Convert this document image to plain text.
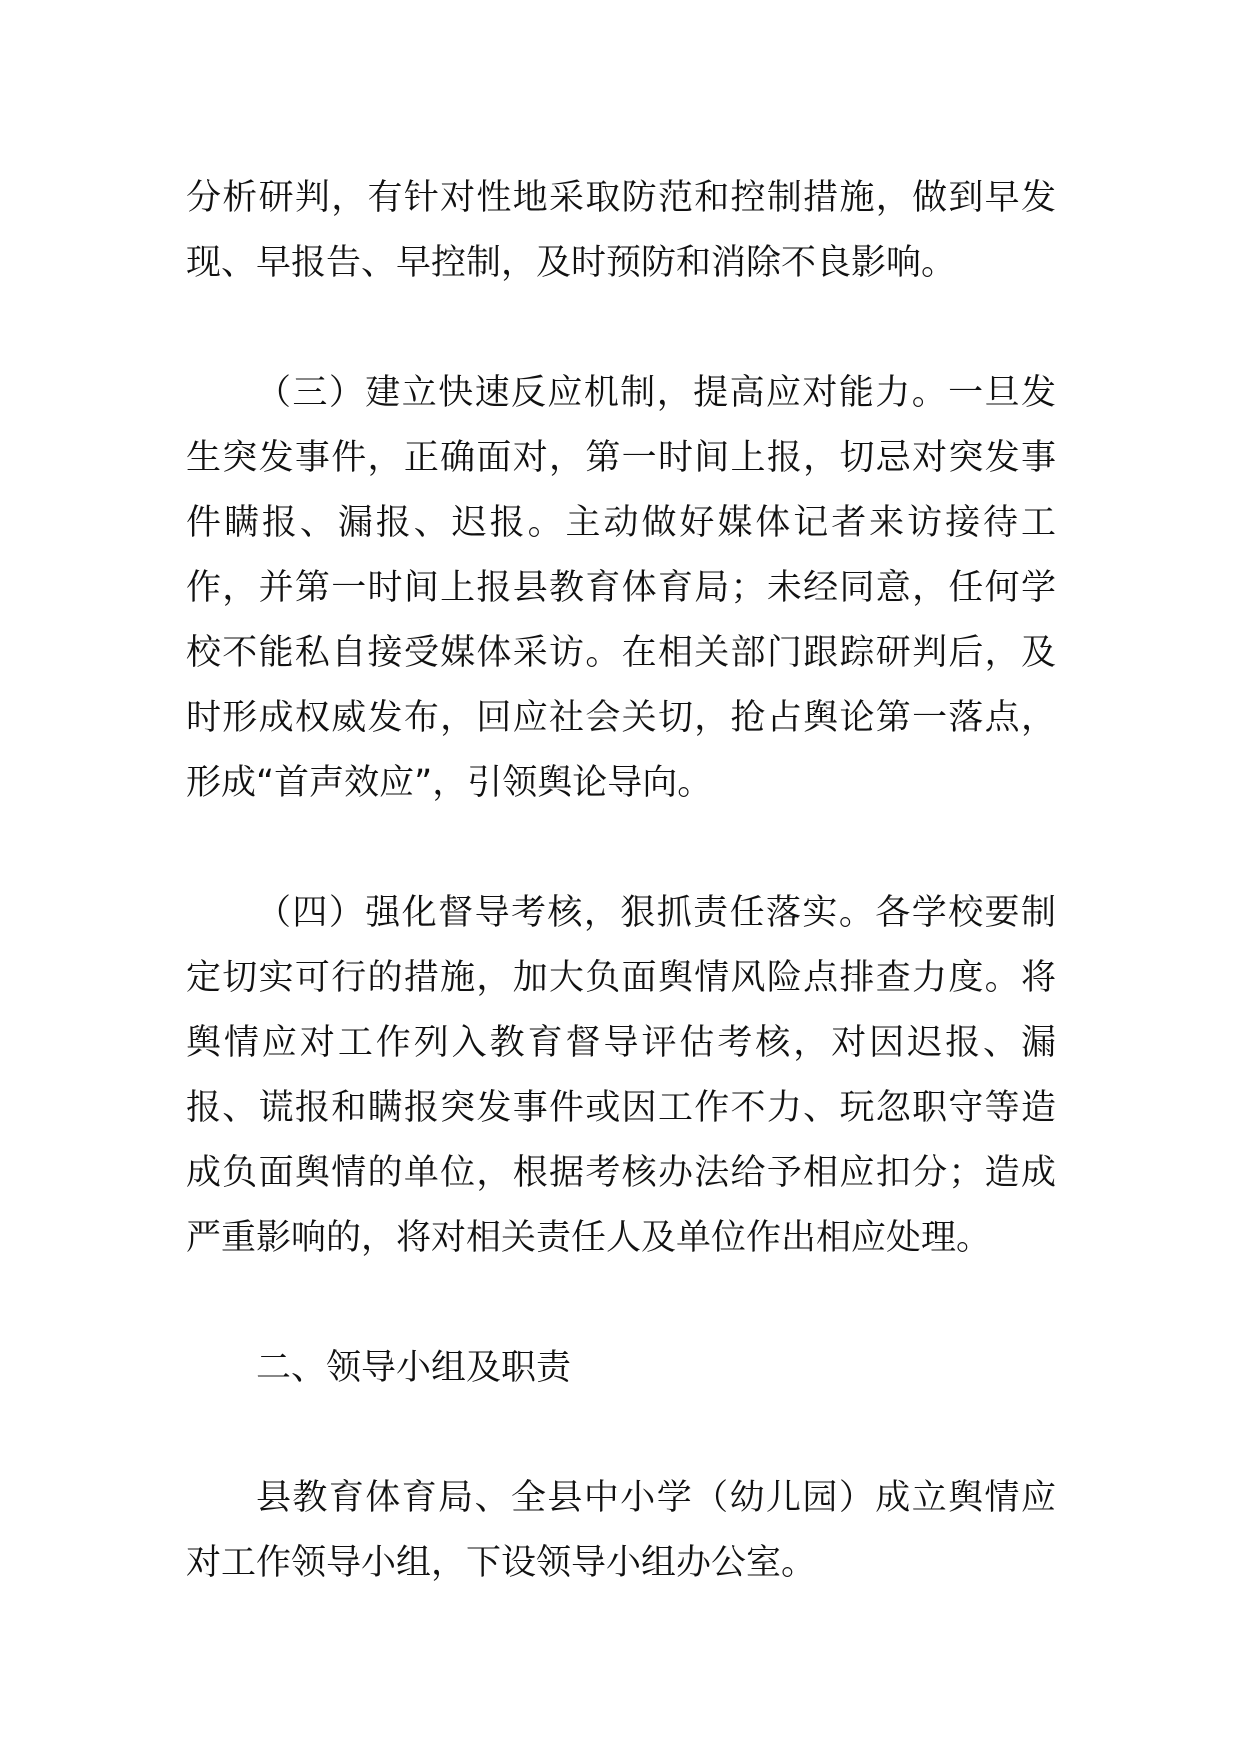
分析研判，有针对性地采取防范和控制措施，做到早发现、早报告、早控制，及时预防和消除不良影响。

（三）建立快速反应机制，提高应对能力。一旦发生突发事件，正确面对，第一时间上报，切忌对突发事件瞒报、漏报、迟报。主动做好媒体记者来访接待工作，并第一时间上报县教育体育局；未经同意，任何学校不能私自接受媒体采访。在相关部门跟踪研判后，及时形成权威发布，回应社会关切，抢占舆论第一落点，形成“首声效应”，引领舆论导向。

（四）强化督导考核，狠抓责任落实。各学校要制定切实可行的措施，加大负面舆情风险点排查力度。将舆情应对工作列入教育督导评估考核，对因迟报、漏报、谎报和瞒报突发事件或因工作不力、玩忽职守等造成负面舆情的单位，根据考核办法给予相应扣分；造成严重影响的，将对相关责任人及单位作出相应处理。

二、领导小组及职责

县教育体育局、全县中小学（幼儿园）成立舆情应对工作领导小组，下设领导小组办公室。
